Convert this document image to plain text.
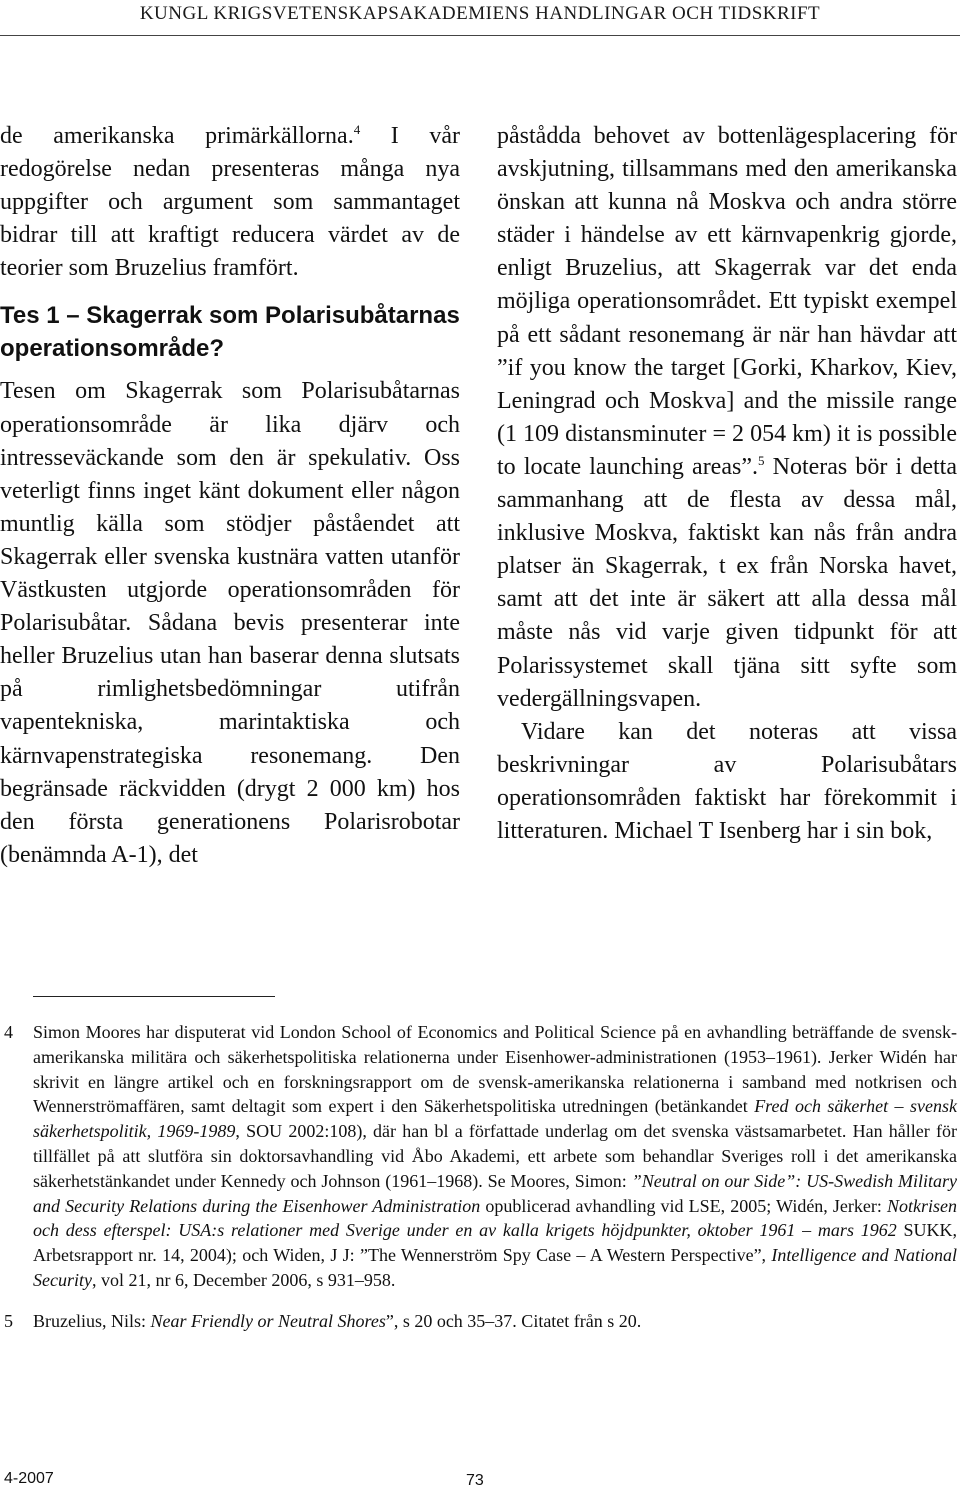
KUNGL KRIGSVETENSKAPSAKADEMIENS HANDLINGAR OCH TIDSKRIFT

de amerikanska primärkällorna.$^4$ I vår redogörelse nedan presenteras många nya uppgifter och argument som sammantaget bidrar till att kraftigt reducera värdet av de teorier som Bruzelius framfört.

Tes 1 – Skagerrak som Polarisubåtarnas operationsområde?

Tesen om Skagerrak som Polarisubåtarnas operationsområde är lika djärv och intresseväckande som den är spekulativ. Oss veterligt finns inget känt dokument eller någon muntlig källa som stödjer påståendet att Skagerrak eller svenska kustnära vatten utanför Västkusten utgjorde operationsområden för Polarisubåtar. Sådana bevis presenterar inte heller Bruzelius utan han baserar denna slutsats på rimlighetsbedömningar utifrån vapentekniska, marintaktiska och kärnvapenstrategiska resonemang. Den begränsade räckvidden (drygt 2 000 km) hos den första generationens Polarisrobotar (benämnda A-1), det

påstådda behovet av bottenlägesplacering för avskjutning, tillsammans med den amerikanska önskan att kunna nå Moskva och andra större städer i händelse av ett kärnvapenkrig gjorde, enligt Bruzelius, att Skagerrak var det enda möjliga operationsområdet. Ett typiskt exempel på ett sådant resonemang är när han hävdar att ”if you know the target [Gorki, Kharkov, Kiev, Leningrad och Moskva] and the missile range (1 109 distansminuter = 2 054 km) it is possible to locate launching areas”.$^5$ Noteras bör i detta sammanhang att de flesta av dessa mål, inklusive Moskva, faktiskt kan nås från andra platser än Skagerrak, t ex från Norska havet, samt att det inte är säkert att alla dessa mål måste nås vid varje given tidpunkt för att Polarissystemet skall tjäna sitt syfte som vedergällningsvapen.

Vidare kan det noteras att vissa beskrivningar av Polarisubåtars operationsområden faktiskt har förekommit i litteraturen. Michael T Isenberg har i sin bok,

4 Simon Moores har disputerat vid London School of Economics and Political Science på en avhandling beträffande de svensk-amerikanska militära och säkerhetspolitiska relationerna under Eisenhower-administrationen (1953–1961). Jerker Widén har skrivit en längre artikel och en forskningsrapport om de svensk-amerikanska relationerna i samband med notkrisen och Wennerströmaffären, samt deltagit som expert i den Säkerhetspolitiska utredningen (betänkandet Fred och säkerhet – svensk säkerhetspolitik, 1969-1989, SOU 2002:108), där han bl a författade underlag om det svenska västsamarbetet. Han håller för tillfället på att slutföra sin doktorsavhandling vid Åbo Akademi, ett arbete som behandlar Sveriges roll i det amerikanska säkerhetstänkandet under Kennedy och Johnson (1961–1968). Se Moores, Simon: ”Neutral on our Side”: US-Swedish Military and Security Relations during the Eisenhower Administration opublicerad avhandling vid LSE, 2005; Widén, Jerker: Notkrisen och dess efterspel: USA:s relationer med Sverige under en av kalla krigets höjdpunkter, oktober 1961 – mars 1962 SUKK, Arbetsrapport nr. 14, 2004); och Widen, J J: ”The Wennerström Spy Case – A Western Perspective”, Intelligence and National Security, vol 21, nr 6, December 2006, s 931–958.
5 Bruzelius, Nils: Near Friendly or Neutral Shores”, s 20 och 35–37. Citatet från s 20.
4-2007	73
